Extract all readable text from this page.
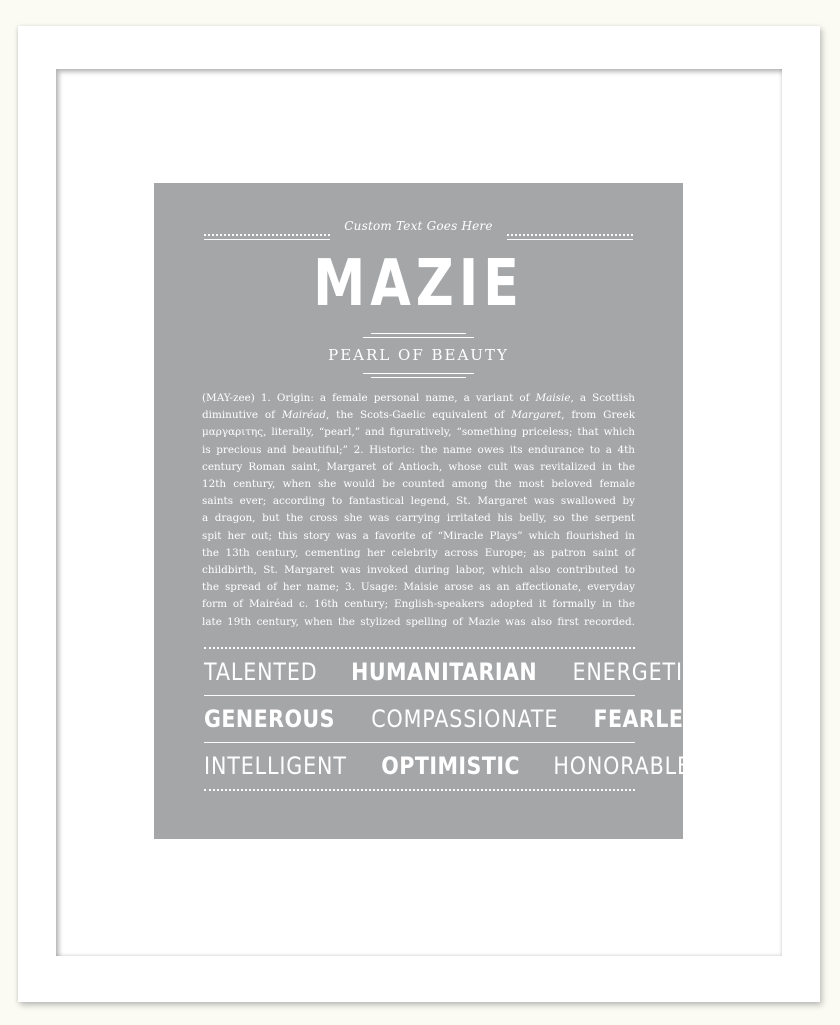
Custom Text Goes Here
MAZIE
PEARL OF BEAUTY
(MAY-zee) 1. Origin: a female personal name, a variant of Maisie, a Scottish
diminutive of Mairéad, the Scots-Gaelic equivalent of Margaret, from Greek
μαργαριτης, literally, “pearl,” and figuratively, “something priceless; that which
is precious and beautiful;” 2. Historic: the name owes its endurance to a 4th
century Roman saint, Margaret of Antioch, whose cult was revitalized in the
12th century, when she would be counted among the most beloved female
saints ever; according to fantastical legend, St. Margaret was swallowed by
a dragon, but the cross she was carrying irritated his belly, so the serpent
spit her out; this story was a favorite of “Miracle Plays” which flourished in
the 13th century, cementing her celebrity across Europe; as patron saint of
childbirth, St. Margaret was invoked during labor, which also contributed to
the spread of her name; 3. Usage: Maisie arose as an affectionate, everyday
form of Mairéad c. 16th century; English-speakers adopted it formally in the
late 19th century, when the stylized spelling of Mazie was also first recorded.
TALENTED HUMANITARIAN ENERGETIC
GENEROUS COMPASSIONATE FEARLESS
INTELLIGENT OPTIMISTIC HONORABLE
